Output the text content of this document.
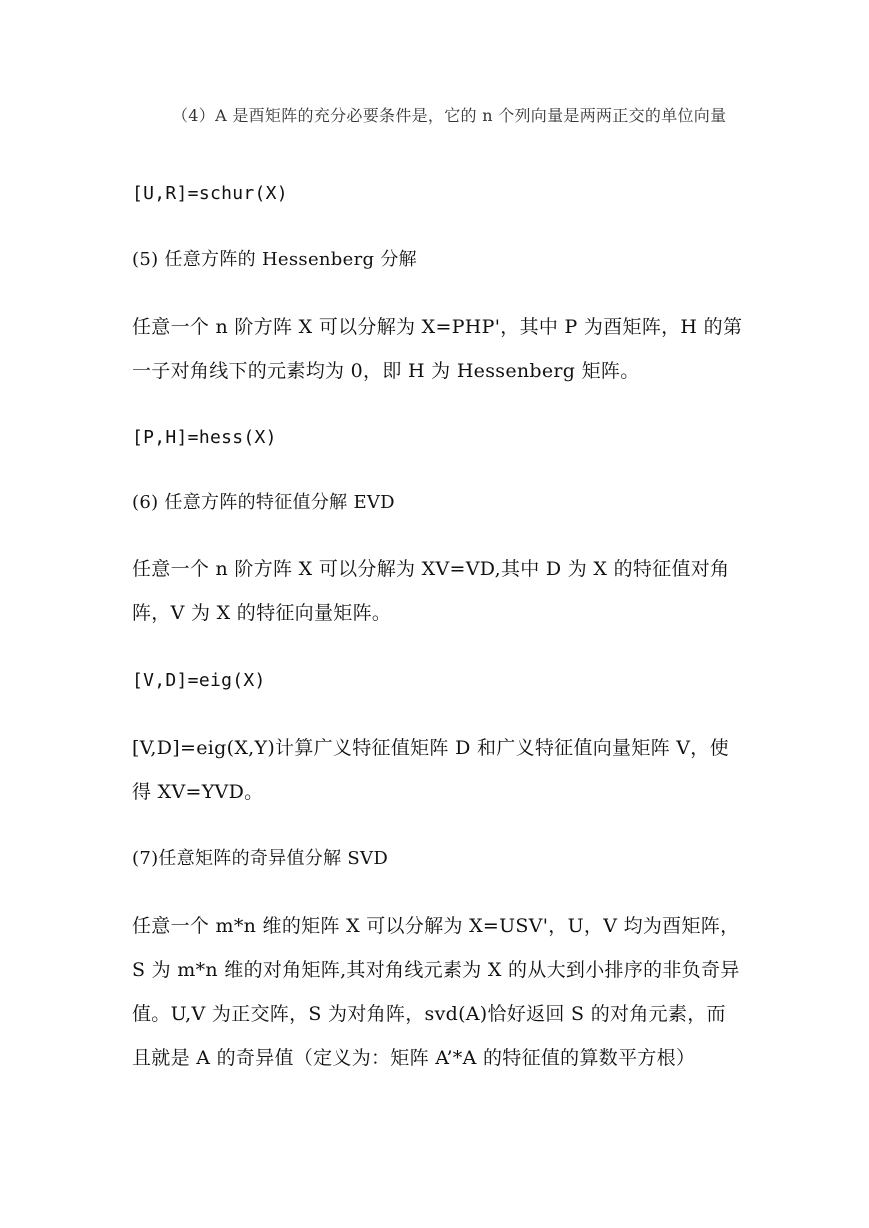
（4）A 是酉矩阵的充分必要条件是，它的 n 个列向量是两两正交的单位向量
[U,R]=schur(X)
(5) 任意方阵的 Hessenberg 分解
任意一个 n 阶方阵 X 可以分解为 X=PHP'，其中 P 为酉矩阵，H 的第一子对角线下的元素均为 0，即 H 为 Hessenberg 矩阵。
[P,H]=hess(X)
(6) 任意方阵的特征值分解 EVD
任意一个 n 阶方阵 X 可以分解为 XV=VD,其中 D 为 X 的特征值对角阵，V 为 X 的特征向量矩阵。
[V,D]=eig(X)
[V,D]=eig(X,Y)计算广义特征值矩阵 D 和广义特征值向量矩阵 V，使得 XV=YVD。
(7)任意矩阵的奇异值分解 SVD
任意一个 m*n 维的矩阵 X 可以分解为 X=USV'，U，V 均为酉矩阵，S 为 m*n 维的对角矩阵,其对角线元素为 X 的从大到小排序的非负奇异值。U,V 为正交阵，S 为对角阵，svd(A)恰好返回 S 的对角元素，而且就是 A 的奇异值（定义为：矩阵 A’*A 的特征值的算数平方根）
